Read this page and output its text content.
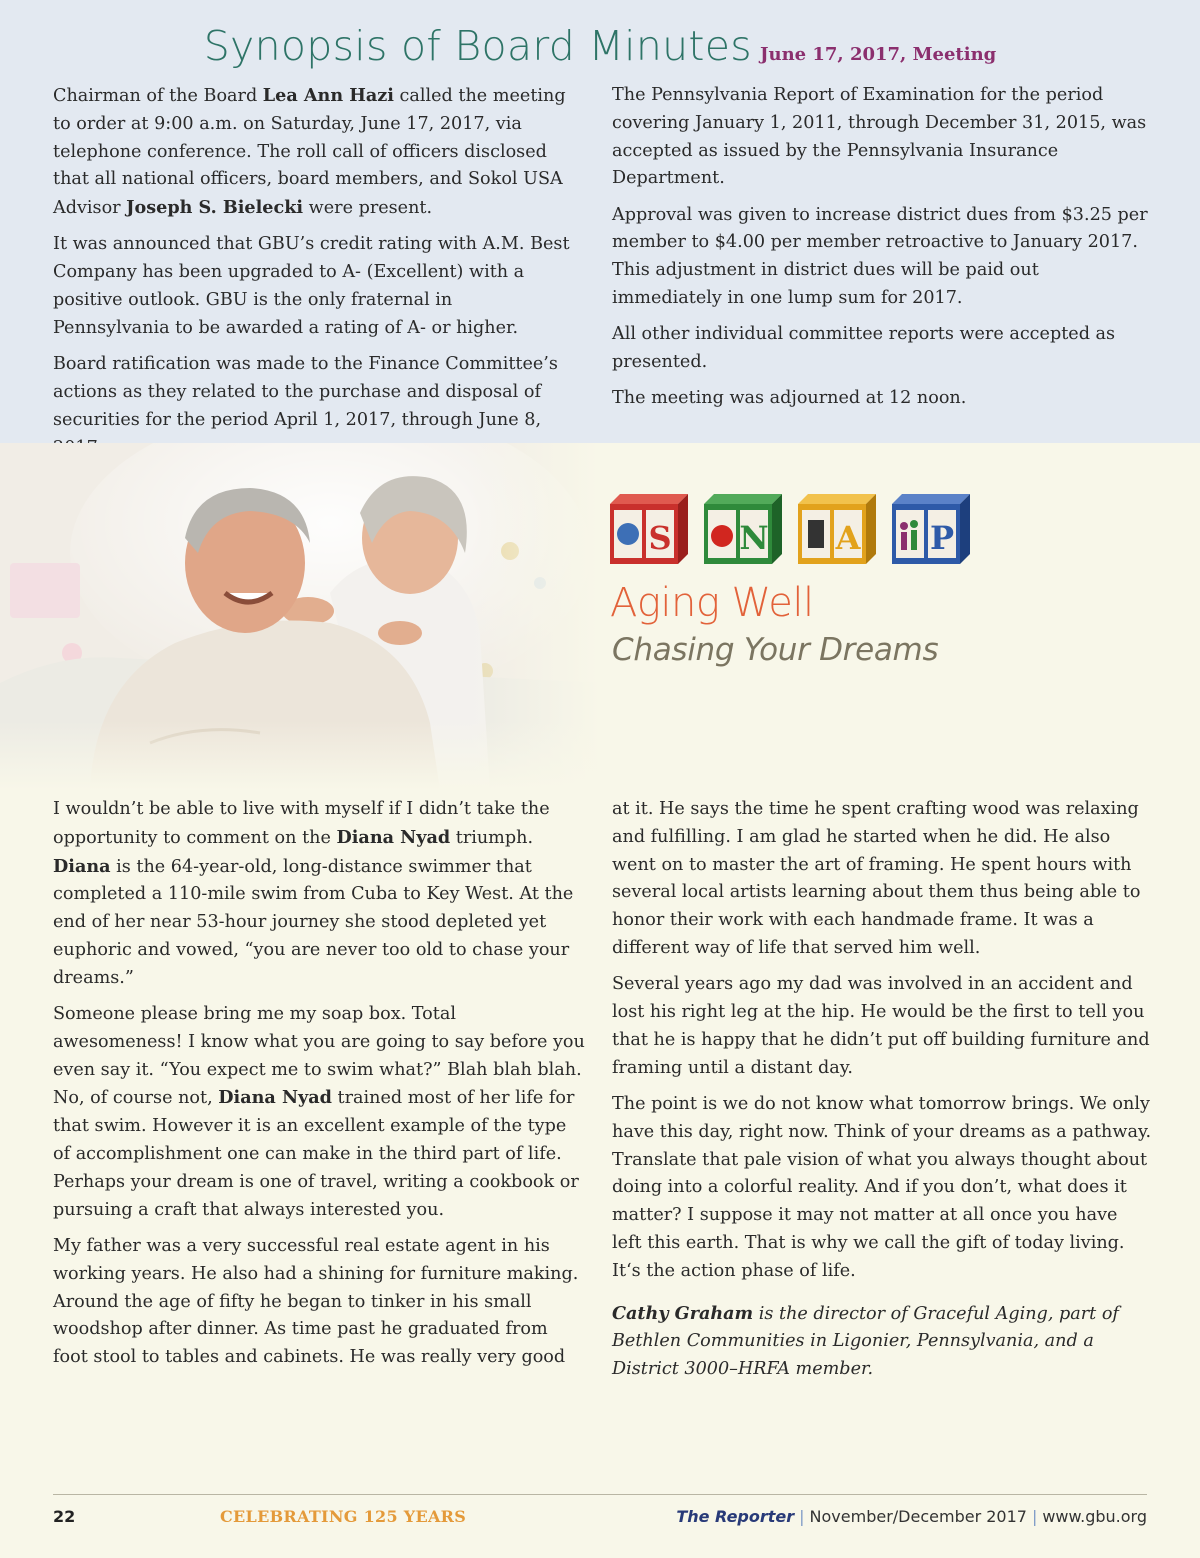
Synopsis of Board Minutes June 17, 2017, Meeting

Chairman of the Board Lea Ann Hazi called the meeting to order at 9:00 a.m. on Saturday, June 17, 2017, via telephone conference. The roll call of officers disclosed that all national officers, board members, and Sokol USA Advisor Joseph S. Bielecki were present.

It was announced that GBU’s credit rating with A.M. Best Company has been upgraded to A- (Excellent) with a positive outlook. GBU is the only fraternal in Pennsylvania to be awarded a rating of A- or higher.

Board ratification was made to the Finance Committee’s actions as they related to the purchase and disposal of securities for the period April 1, 2017, through June 8,

The Pennsylvania Report of Examination for the period covering January 1, 2011, through December 31, 2015, was accepted as issued by the Pennsylvania Insurance Department.

Approval was given to increase district dues from $3.25 per member to $4.00 per member retroactive to January 2017. This adjustment in district dues will be paid out immediately in one lump sum for 2017.

All other individual committee reports were accepted as presented.

The meeting was adjourned at 12 noon.

S N A P
Aging Well
Chasing Your Dreams

I wouldn’t be able to live with myself if I didn’t take the opportunity to comment on the Diana Nyad triumph. Diana is the 64-year-old, long-distance swimmer that completed a 110-mile swim from Cuba to Key West. At the end of her near 53-hour journey she stood depleted yet euphoric and vowed, “you are never too old to chase your dreams.”

Someone please bring me my soap box. Total awesomeness! I know what you are going to say before you even say it. “You expect me to swim what?” Blah blah blah. No, of course not, Diana Nyad trained most of her life for that swim. However it is an excellent example of the type of accomplishment one can make in the third part of life. Perhaps your dream is one of travel, writing a cookbook or pursuing a craft that always interested you.

My father was a very successful real estate agent in his working years. He also had a shining for furniture making. Around the age of fifty he began to tinker in his small woodshop after dinner. As time past he graduated from foot stool to tables and cabinets. He was really very good

at it. He says the time he spent crafting wood was relaxing and fulfilling. I am glad he started when he did. He also went on to master the art of framing. He spent hours with several local artists learning about them thus being able to honor their work with each handmade frame. It was a different way of life that served him well.

Several years ago my dad was involved in an accident and lost his right leg at the hip. He would be the first to tell you that he is happy that he didn’t put off building furniture and framing until a distant day.

The point is we do not know what tomorrow brings. We only have this day, right now. Think of your dreams as a pathway. Translate that pale vision of what you always thought about doing into a colorful reality. And if you don’t, what does it matter? I suppose it may not matter at all once you have left this earth. That is why we call the gift of today living. It‘s the action phase of life.

Cathy Graham is the director of Graceful Aging, part of Bethlen Communities in Ligonier, Pennsylvania, and a District 3000–HRFA member.

22	CELEBRATING 125 YEARS	The Reporter | November/December 2017 | www.gbu.org
